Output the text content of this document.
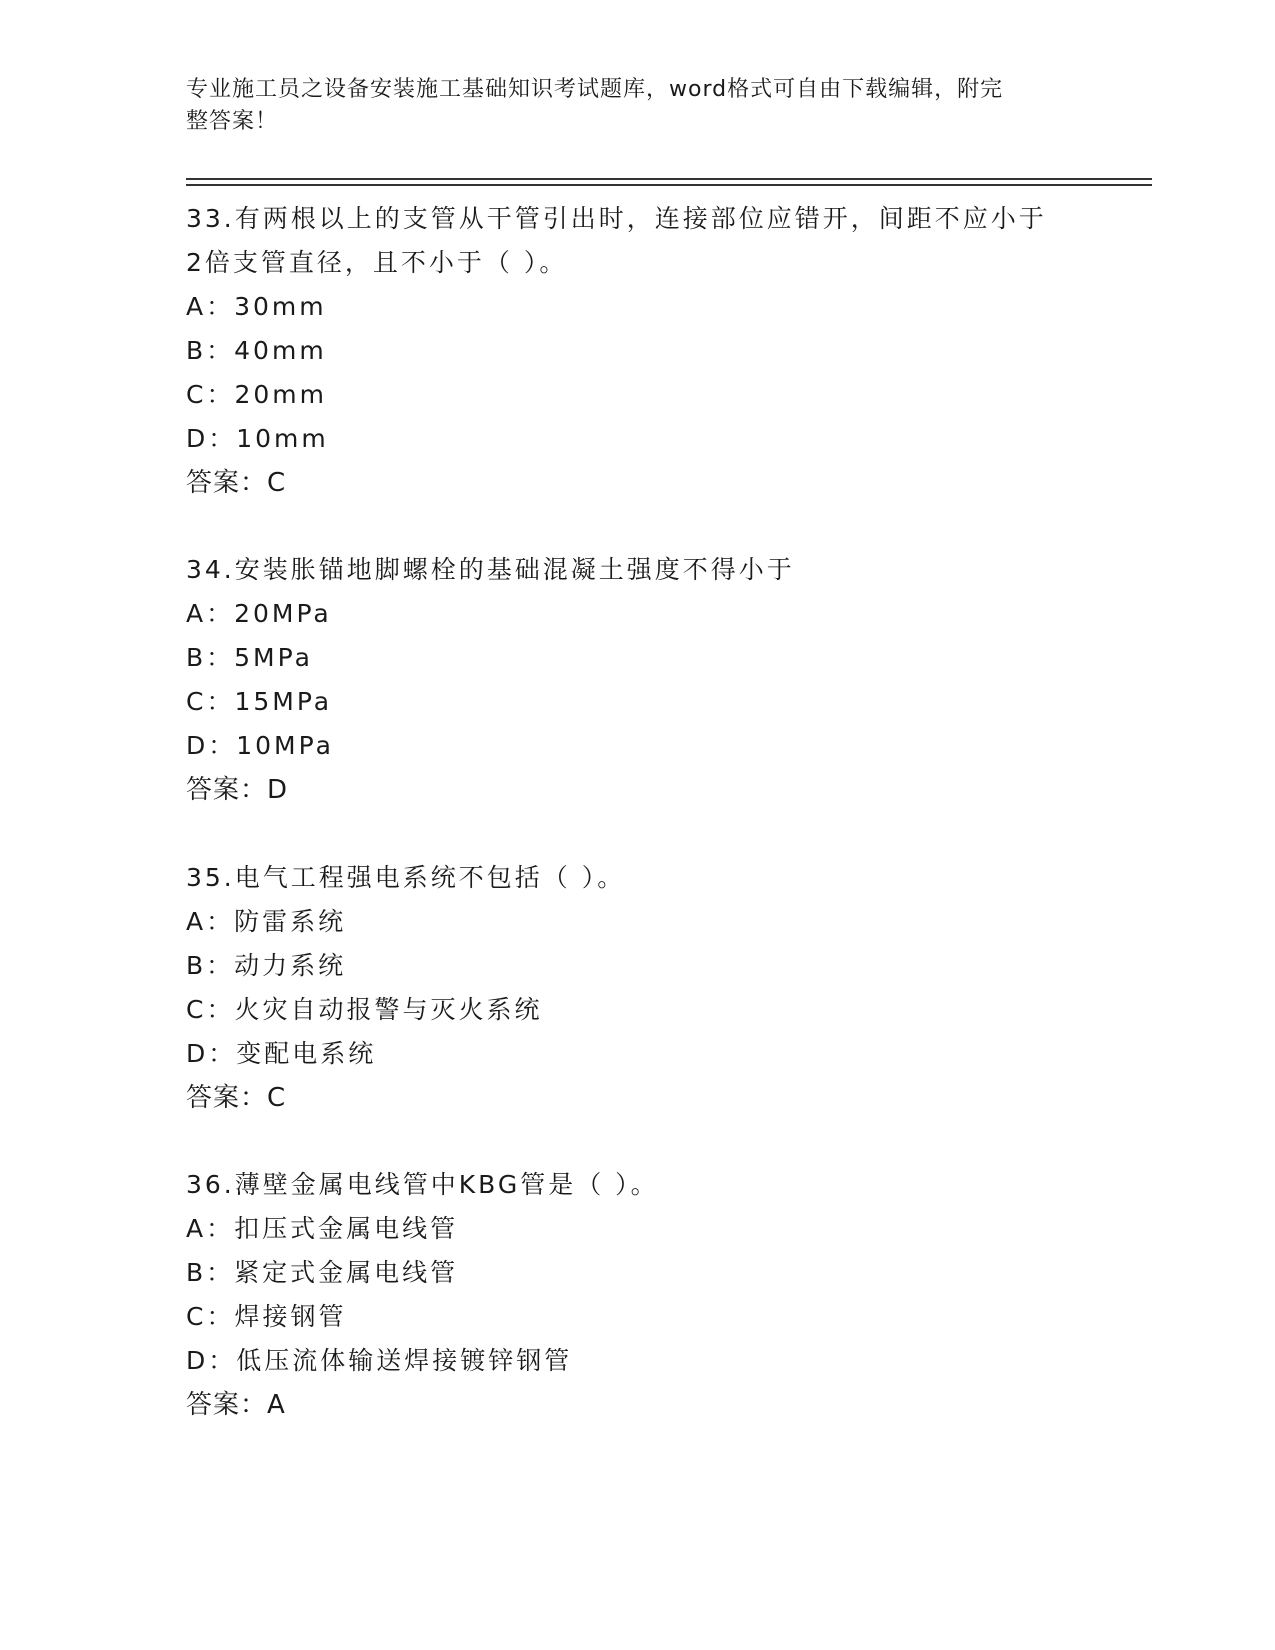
专业施工员之设备安装施工基础知识考试题库，word格式可自由下载编辑，附完
整答案！
33.有两根以上的支管从干管引出时，连接部位应错开，间距不应小于
2倍支管直径，且不小于（ ）。
A：30mm
B：40mm
C：20mm
D：10mm
答案：C
34.安装胀锚地脚螺栓的基础混凝土强度不得小于
A：20MPa
B：5MPa
C：15MPa
D：10MPa
答案：D
35.电气工程强电系统不包括（ ）。
A：防雷系统
B：动力系统
C：火灾自动报警与灭火系统
D：变配电系统
答案：C
36.薄壁金属电线管中KBG管是（ ）。
A：扣压式金属电线管
B：紧定式金属电线管
C：焊接钢管
D：低压流体输送焊接镀锌钢管
答案：A
